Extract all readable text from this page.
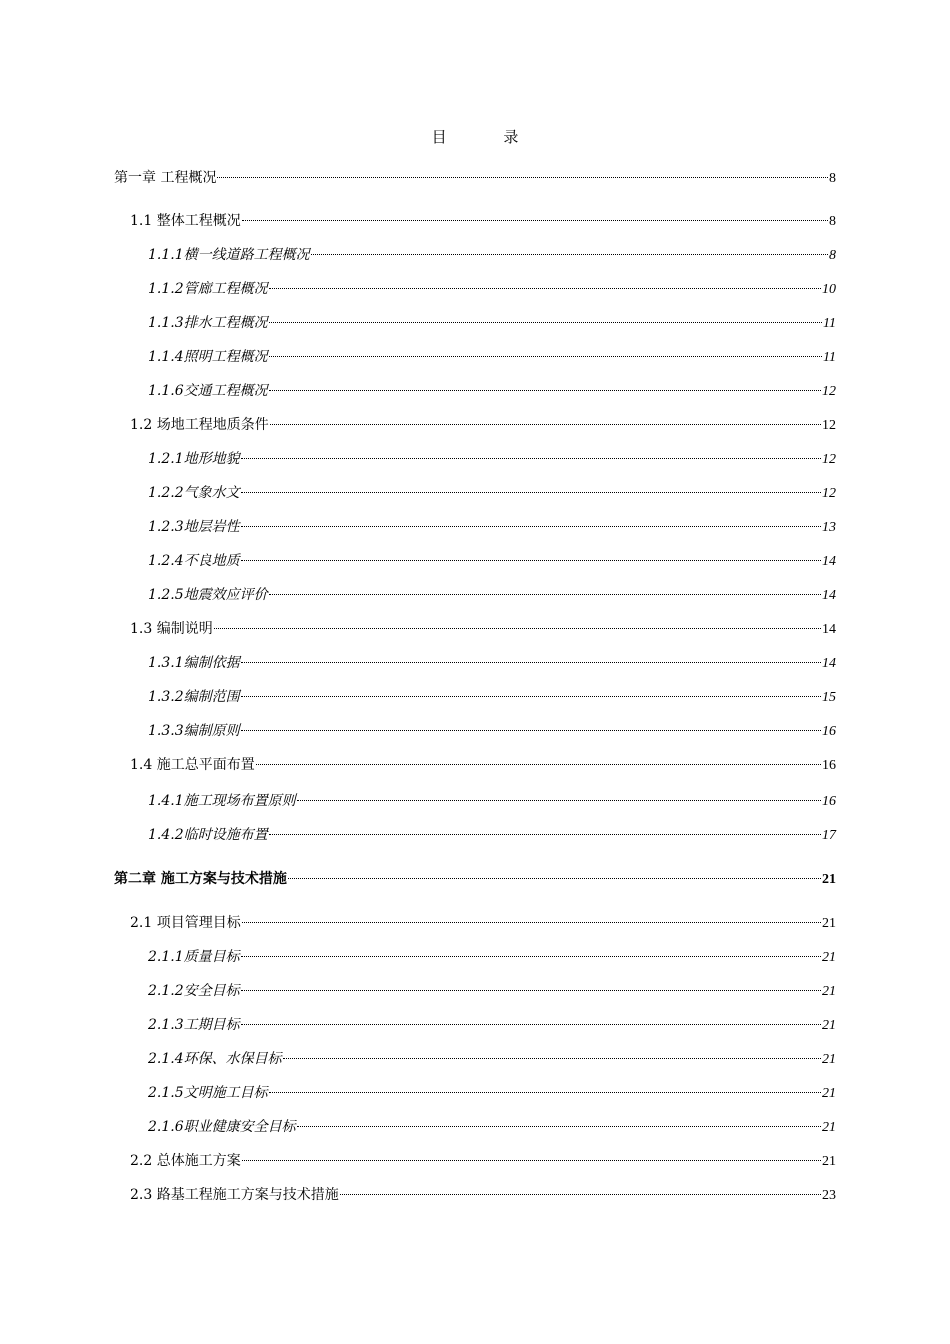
目 录
第一章 工程概况	8
1.1 整体工程概况	8
1.1.1横一线道路工程概况	8
1.1.2管廊工程概况	10
1.1.3排水工程概况	11
1.1.4照明工程概况	11
1.1.6交通工程概况	12
1.2 场地工程地质条件	12
1.2.1地形地貌	12
1.2.2气象水文	12
1.2.3地层岩性	13
1.2.4不良地质	14
1.2.5地震效应评价	14
1.3 编制说明	14
1.3.1编制依据	14
1.3.2编制范围	15
1.3.3编制原则	16
1.4 施工总平面布置	16
1.4.1施工现场布置原则	16
1.4.2临时设施布置	17
第二章 施工方案与技术措施	21
2.1 项目管理目标	21
2.1.1质量目标	21
2.1.2安全目标	21
2.1.3工期目标	21
2.1.4环保、水保目标	21
2.1.5文明施工目标	21
2.1.6职业健康安全目标	21
2.2 总体施工方案	21
2.3 路基工程施工方案与技术措施	23
